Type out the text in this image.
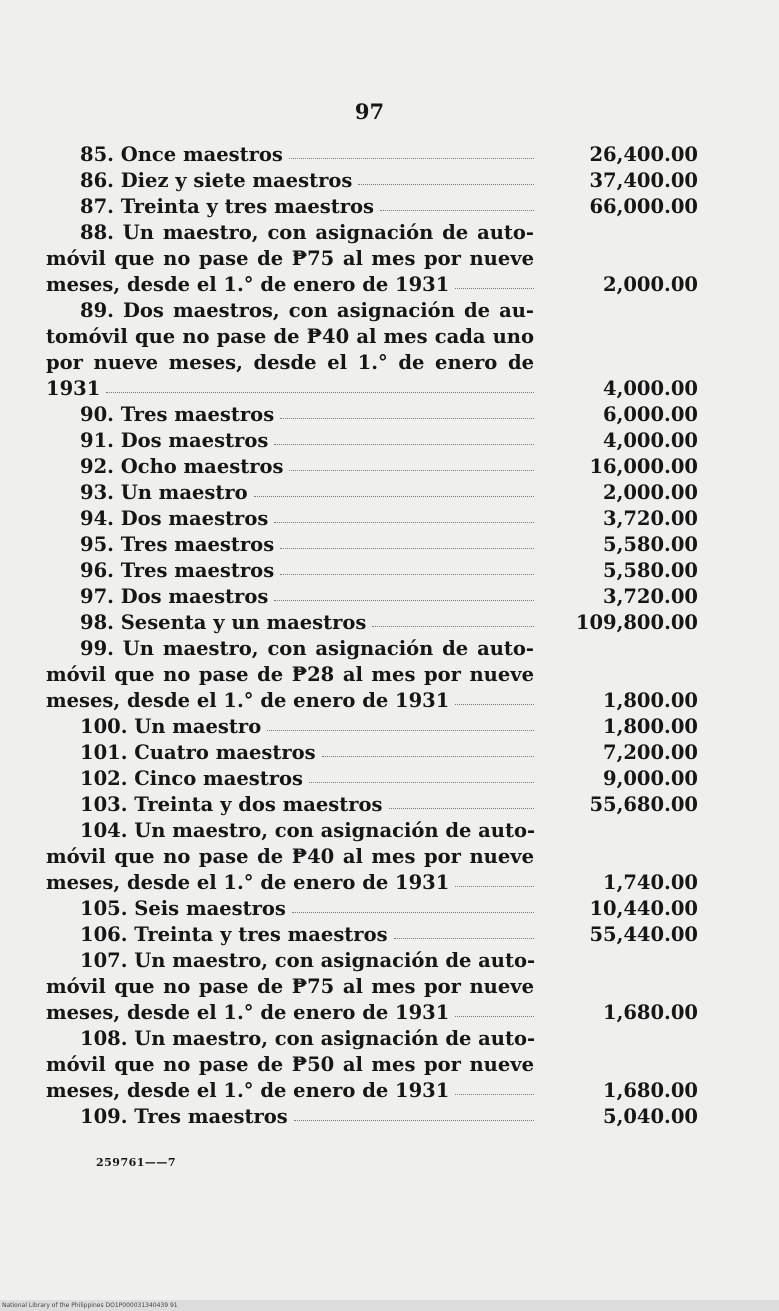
97
85. Once maestros	26,400.00
86. Diez y siete maestros	37,400.00
87. Treinta y tres maestros	66,000.00
88. Un maestro, con asignación de auto-
móvil que no pase de ₱75 al mes por nueve
meses, desde el 1.° de enero de 1931	2,000.00
89. Dos maestros, con asignación de au-
tomóvil que no pase de ₱40 al mes cada uno
por nueve meses, desde el 1.° de enero de
1931	4,000.00
90. Tres maestros	6,000.00
91. Dos maestros	4,000.00
92. Ocho maestros	16,000.00
93. Un maestro	2,000.00
94. Dos maestros	3,720.00
95. Tres maestros	5,580.00
96. Tres maestros	5,580.00
97. Dos maestros	3,720.00
98. Sesenta y un maestros	109,800.00
99. Un maestro, con asignación de auto-
móvil que no pase de ₱28 al mes por nueve
meses, desde el 1.° de enero de 1931	1,800.00
100. Un maestro	1,800.00
101. Cuatro maestros	7,200.00
102. Cinco maestros	9,000.00
103. Treinta y dos maestros	55,680.00
104. Un maestro, con asignación de auto-
móvil que no pase de ₱40 al mes por nueve
meses, desde el 1.° de enero de 1931	1,740.00
105. Seis maestros	10,440.00
106. Treinta y tres maestros	55,440.00
107. Un maestro, con asignación de auto-
móvil que no pase de ₱75 al mes por nueve
meses, desde el 1.° de enero de 1931	1,680.00
108. Un maestro, con asignación de auto-
móvil que no pase de ₱50 al mes por nueve
meses, desde el 1.° de enero de 1931	1,680.00
109. Tres maestros	5,040.00
259761——7
National Library of the Philippines DO1P000031340439 91
